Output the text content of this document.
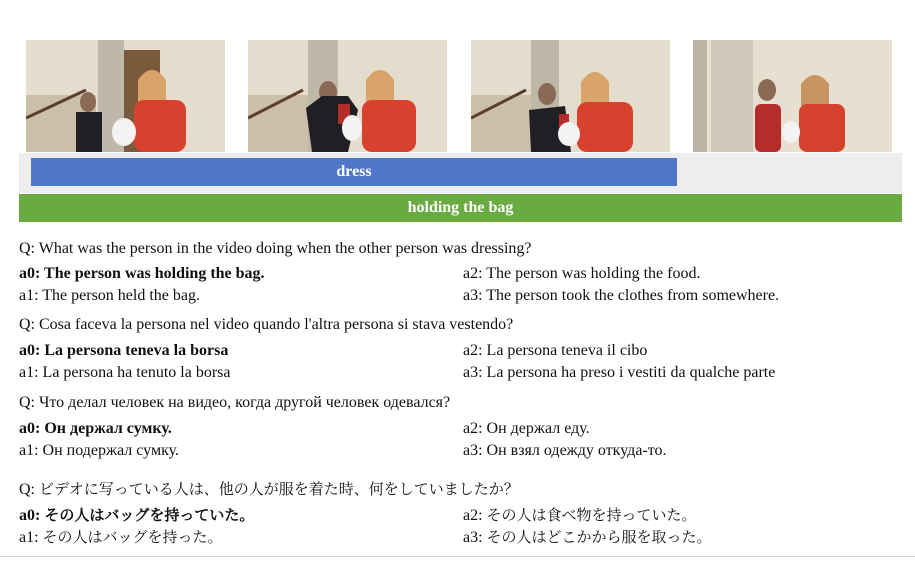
dress
holding the bag
Q: What was the person in the video doing when the other person was dressing?
a0: The person was holding the bag.	a2: The person was holding the food.
a1: The person held the bag.	a3: The person took the clothes from somewhere.
Q: Cosa faceva la persona nel video quando l'altra persona si stava vestendo?
a0: La persona teneva la borsa	a2: La persona teneva il cibo
a1: La persona ha tenuto la borsa	a3: La persona ha preso i vestiti da qualche parte
Q: Что делал человек на видео, когда другой человек одевался?
a0: Он держал сумку.	a2: Он держал еду.
a1: Он подержал сумку.	a3: Он взял одежду откуда-то.
Q: ビデオに写っている人は、他の人が服を着た時、何をしていましたか？
a0: その人はバッグを持っていた。	a2: その人は食べ物を持っていた。
a1: その人はバッグを持った。	a3: その人はどこかから服を取った。
